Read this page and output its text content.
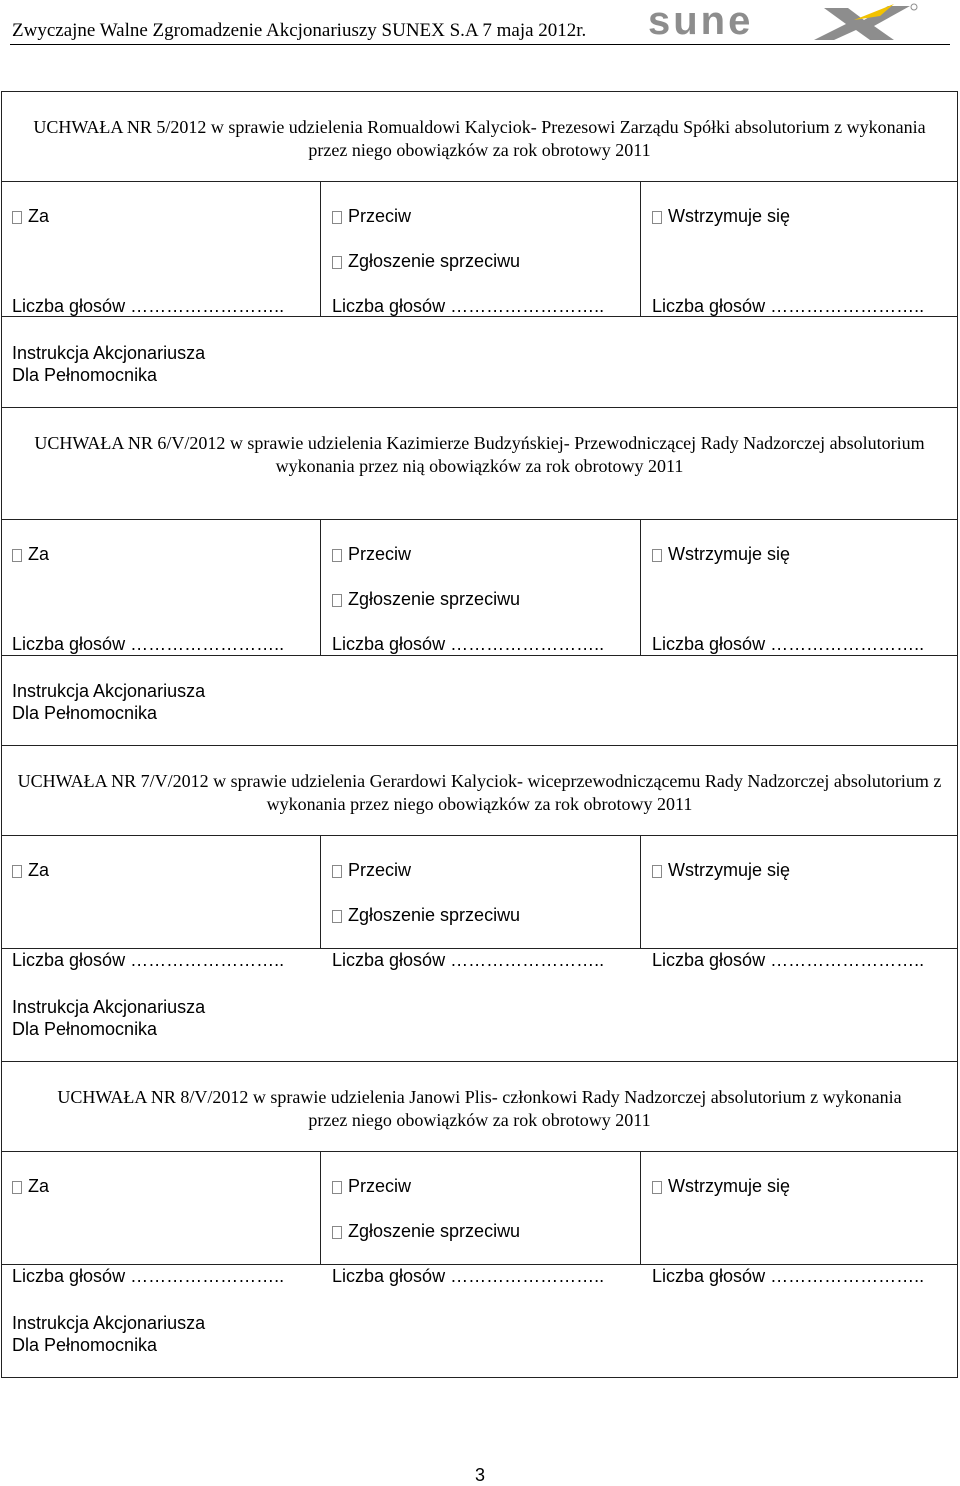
Zwyczajne Walne Zgromadzenie Akcjonariuszy SUNEX S.A 7 maja 2012r. sune
UCHWAŁA NR 5/2012 w sprawie udzielenia Romualdowi Kalyciok- Prezesowi Zarządu Spółki absolutorium z wykonania przez niego obowiązków za rok obrotowy 2011
Za	Przeciw	Wstrzymuje się
Zgłoszenie sprzeciwu
Liczba głosów ……………………..	Liczba głosów ……………………..	Liczba głosów ……………………..
Instrukcja Akcjonariusza
Dla Pełnomocnika
UCHWAŁA NR 6/V/2012 w sprawie udzielenia Kazimierze Budzyńskiej- Przewodniczącej Rady Nadzorczej absolutorium wykonania przez nią obowiązków za rok obrotowy 2011
Za	Przeciw	Wstrzymuje się
Zgłoszenie sprzeciwu
Liczba głosów ……………………..	Liczba głosów ……………………..	Liczba głosów ……………………..
Instrukcja Akcjonariusza
Dla Pełnomocnika
UCHWAŁA NR 7/V/2012 w sprawie udzielenia Gerardowi Kalyciok- wiceprzewodniczącemu Rady Nadzorczej absolutorium z wykonania przez niego obowiązków za rok obrotowy 2011
Za	Przeciw	Wstrzymuje się
Zgłoszenie sprzeciwu
Liczba głosów ……………………..	Liczba głosów ……………………..	Liczba głosów ……………………..
Instrukcja Akcjonariusza
Dla Pełnomocnika
UCHWAŁA NR 8/V/2012 w sprawie udzielenia Janowi Plis- członkowi Rady Nadzorczej absolutorium z wykonania przez niego obowiązków za rok obrotowy 2011
Za	Przeciw	Wstrzymuje się
Zgłoszenie sprzeciwu
Liczba głosów ……………………..	Liczba głosów ……………………..	Liczba głosów ……………………..
Instrukcja Akcjonariusza
Dla Pełnomocnika
3
